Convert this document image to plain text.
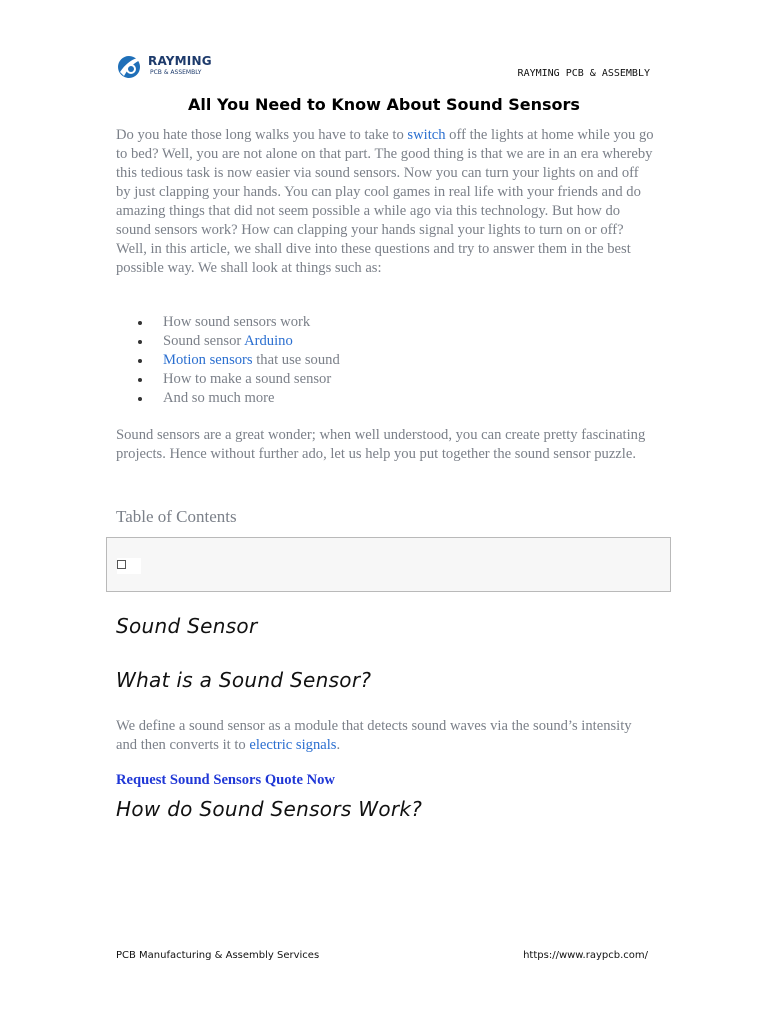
RAYMING
PCB & ASSEMBLY	RAYMING PCB & ASSEMBLY
All You Need to Know About Sound Sensors

Do you hate those long walks you have to take to switch off the lights at home while you go to bed? Well, you are not alone on that part. The good thing is that we are in an era whereby this tedious task is now easier via sound sensors. Now you can turn your lights on and off by just clapping your hands. You can play cool games in real life with your friends and do amazing things that did not seem possible a while ago via this technology. But how do sound sensors work? How can clapping your hands signal your lights to turn on or off? Well, in this article, we shall dive into these questions and try to answer them in the best possible way. We shall look at things such as:

How sound sensors work
Sound sensor Arduino
Motion sensors that use sound
How to make a sound sensor
And so much more

Sound sensors are a great wonder; when well understood, you can create pretty fascinating projects. Hence without further ado, let us help you put together the sound sensor puzzle.

Table of Contents
Sound Sensor
What is a Sound Sensor?

We define a sound sensor as a module that detects sound waves via the sound’s intensity and then converts it to electric signals.

Request Sound Sensors Quote Now
How do Sound Sensors Work?
PCB Manufacturing & Assembly Services	https://www.raypcb.com/
